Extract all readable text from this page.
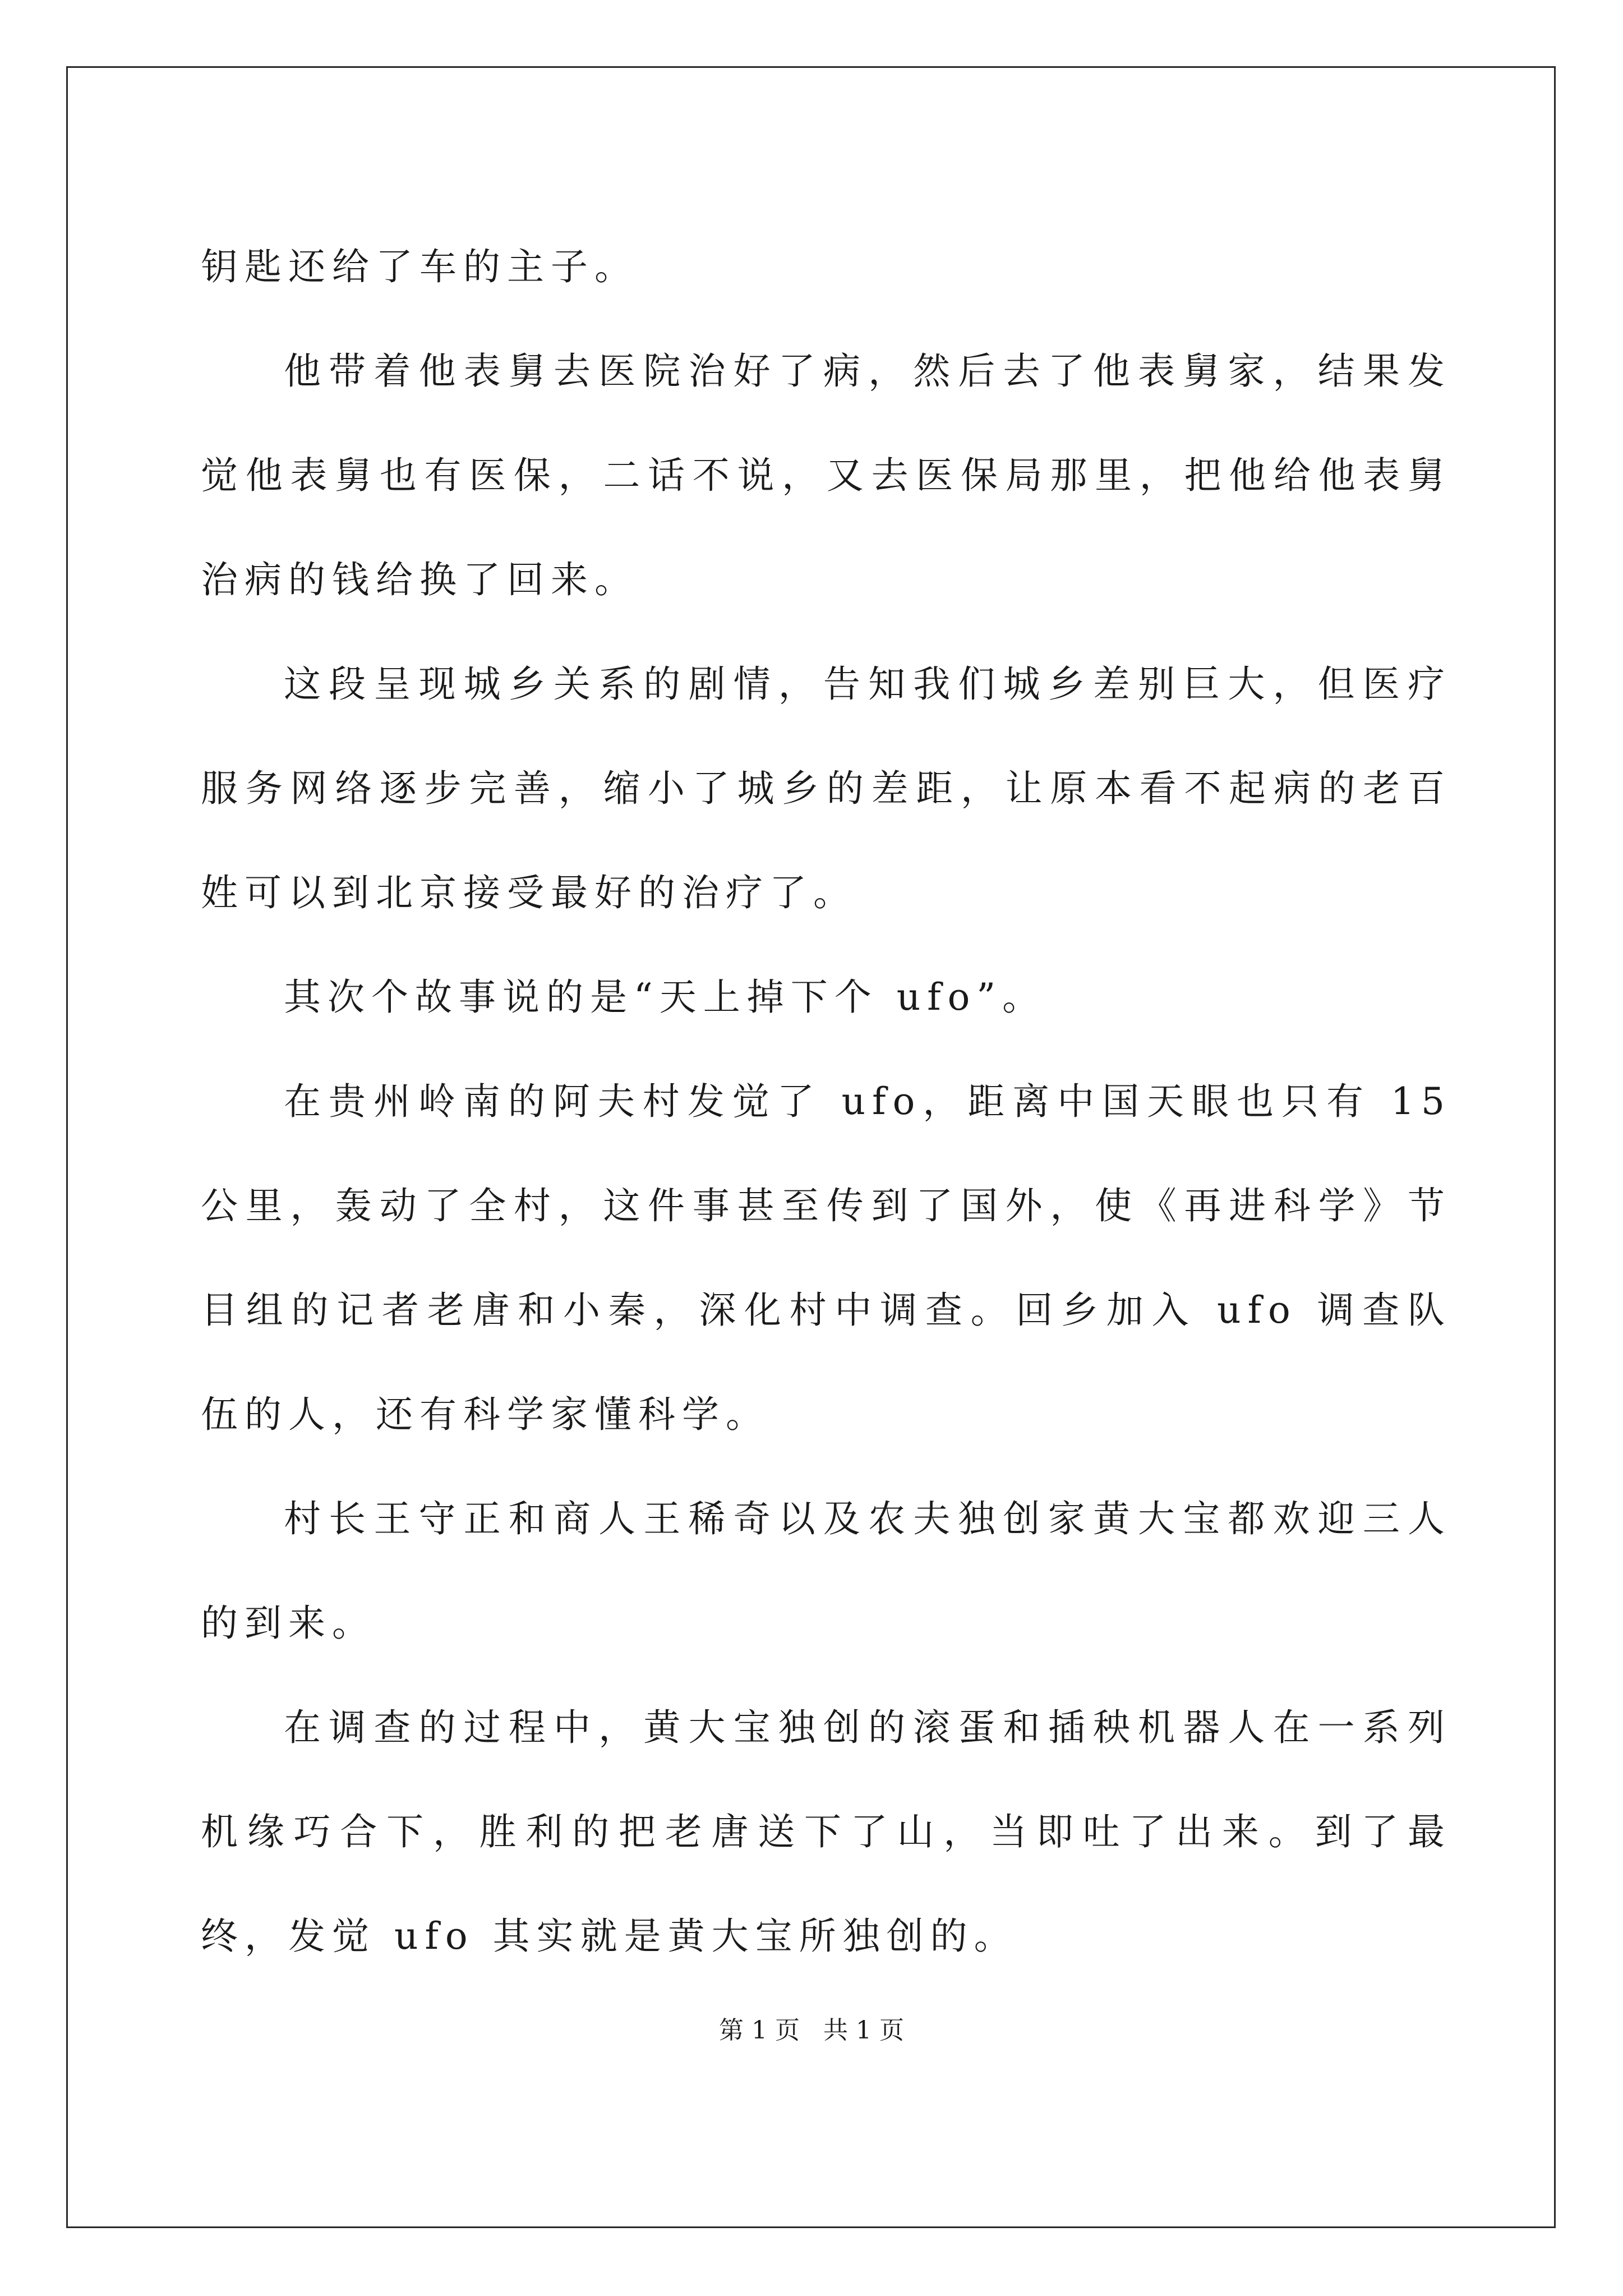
钥匙还给了车的主子。

他带着他表舅去医院治好了病，然后去了他表舅家，结果发觉他表舅也有医保，二话不说，又去医保局那里，把他给他表舅治病的钱给换了回来。

这段呈现城乡关系的剧情，告知我们城乡差别巨大，但医疗服务网络逐步完善，缩小了城乡的差距，让原本看不起病的老百姓可以到北京接受最好的治疗了。

其次个故事说的是“天上掉下个 ufo”。

在贵州岭南的阿夫村发觉了 ufo，距离中国天眼也只有 15 公里，轰动了全村，这件事甚至传到了国外，使《再进科学》节目组的记者老唐和小秦，深化村中调查。回乡加入 ufo 调查队伍的人，还有科学家懂科学。

村长王守正和商人王稀奇以及农夫独创家黄大宝都欢迎三人的到来。

在调查的过程中，黄大宝独创的滚蛋和插秧机器人在一系列机缘巧合下，胜利的把老唐送下了山，当即吐了出来。到了最终，发觉 ufo 其实就是黄大宝所独创的。

第 1 页   共 1 页
